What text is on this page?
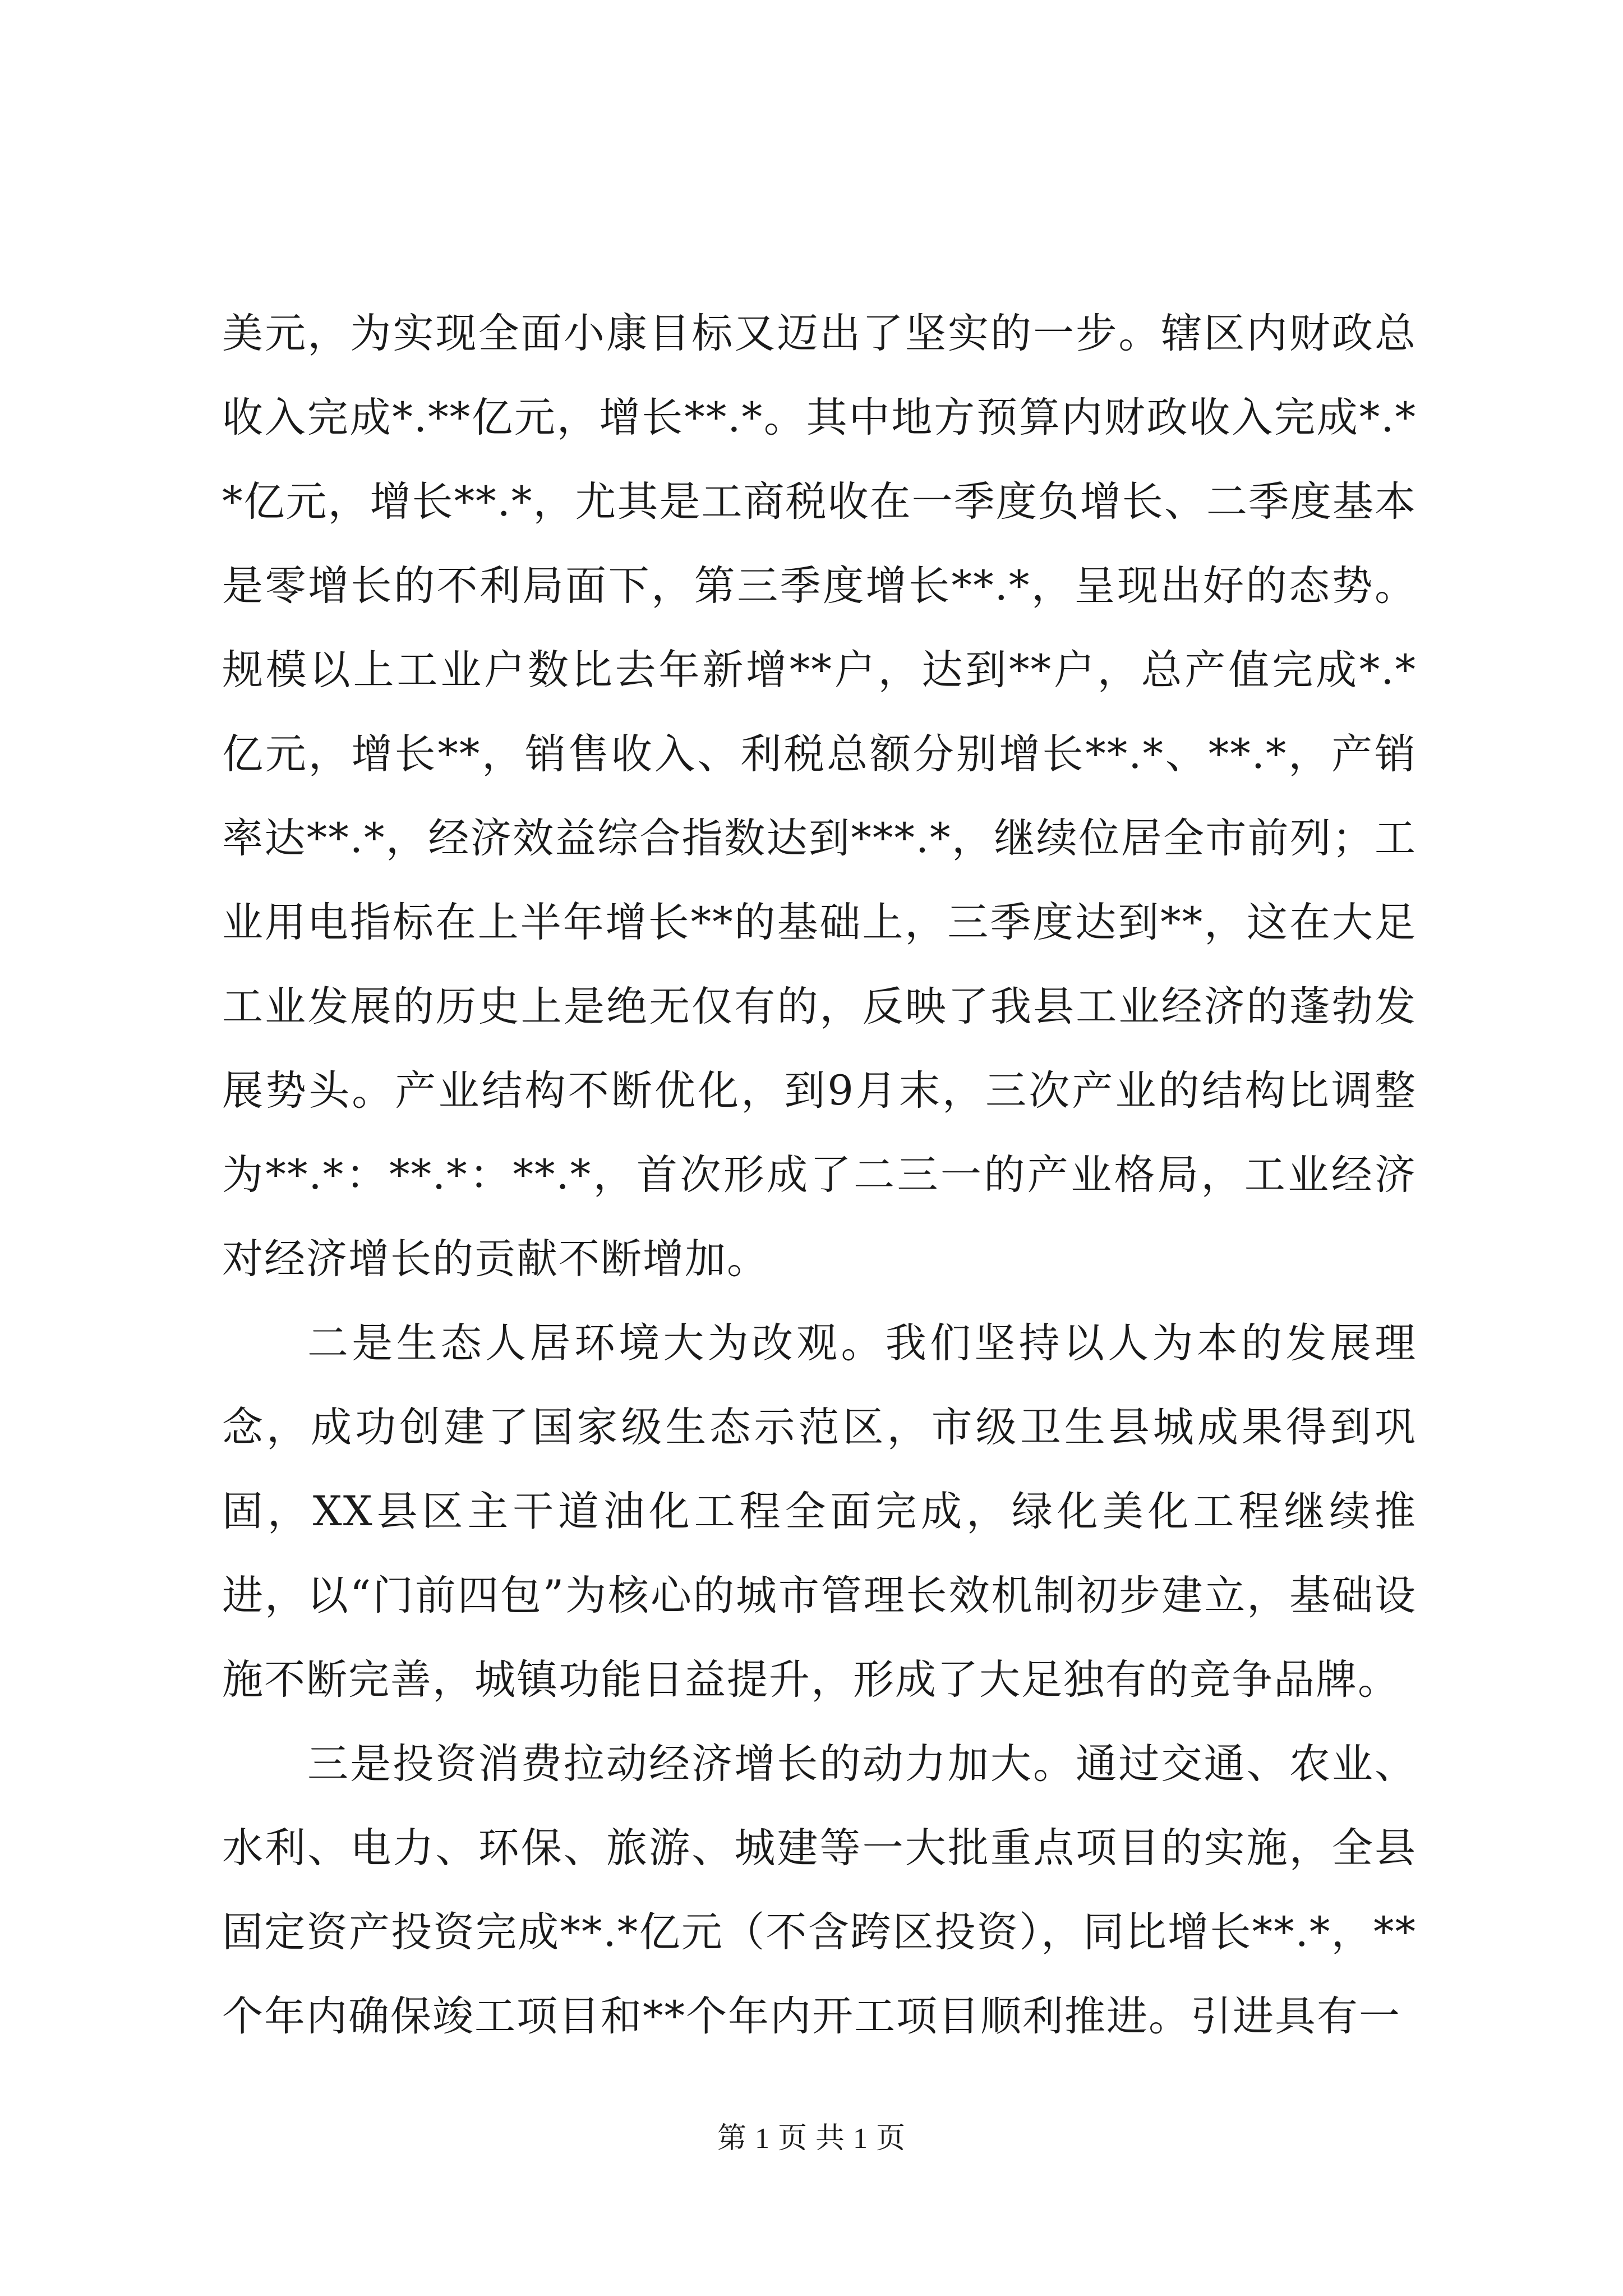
美元，为实现全面小康目标又迈出了坚实的一步。辖区内财政总收入完成*.**亿元，增长**.*。其中地方预算内财政收入完成*.**亿元，增长**.*，尤其是工商税收在一季度负增长、二季度基本是零增长的不利局面下，第三季度增长**.*，呈现出好的态势。规模以上工业户数比去年新增**户，达到**户，总产值完成*.*亿元，增长**，销售收入、利税总额分别增长**.*、**.*，产销率达**.*，经济效益综合指数达到***.*，继续位居全市前列；工业用电指标在上半年增长**的基础上，三季度达到**，这在大足工业发展的历史上是绝无仅有的，反映了我县工业经济的蓬勃发展势头。产业结构不断优化，到9月末，三次产业的结构比调整为**.*：**.*：**.*，首次形成了二三一的产业格局，工业经济对经济增长的贡献不断增加。

二是生态人居环境大为改观。我们坚持以人为本的发展理念，成功创建了国家级生态示范区，市级卫生县城成果得到巩固，XX县区主干道油化工程全面完成，绿化美化工程继续推进，以“门前四包”为核心的城市管理长效机制初步建立，基础设施不断完善，城镇功能日益提升，形成了大足独有的竞争品牌。

三是投资消费拉动经济增长的动力加大。通过交通、农业、水利、电力、环保、旅游、城建等一大批重点项目的实施，全县固定资产投资完成**.*亿元（不含跨区投资），同比增长**.*，**个年内确保竣工项目和**个年内开工项目顺利推进。引进具有一

第 1 页 共 1 页
